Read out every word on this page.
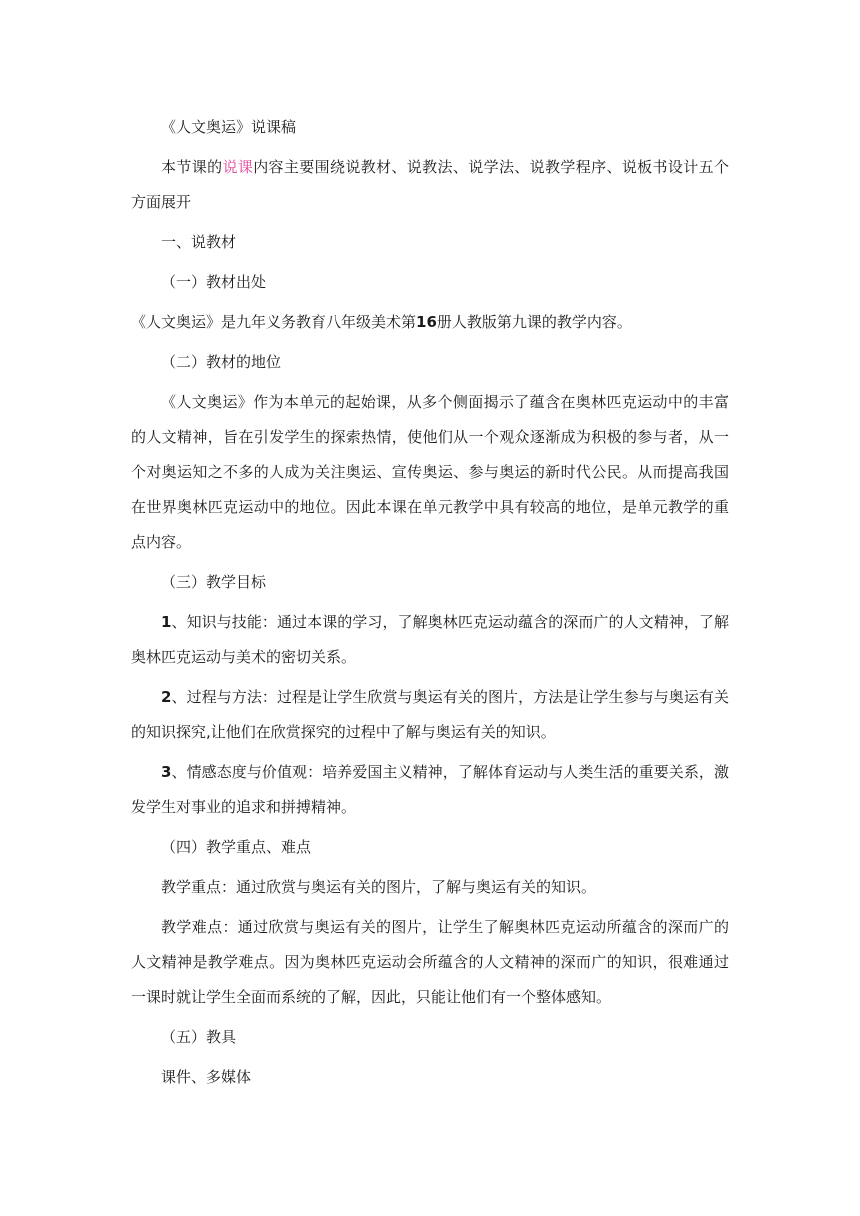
《人文奥运》说课稿

本节课的说课内容主要围绕说教材、说教法、说学法、说教学程序、说板书设计五个方面展开

一、说教材

（一）教材出处

《人文奥运》是九年义务教育八年级美术第16册人教版第九课的教学内容。

（二）教材的地位

《人文奥运》作为本单元的起始课，从多个侧面揭示了蕴含在奥林匹克运动中的丰富的人文精神，旨在引发学生的探索热情，使他们从一个观众逐渐成为积极的参与者，从一个对奥运知之不多的人成为关注奥运、宣传奥运、参与奥运的新时代公民。从而提高我国在世界奥林匹克运动中的地位。因此本课在单元教学中具有较高的地位，是单元教学的重点内容。

（三）教学目标

1、知识与技能：通过本课的学习，了解奥林匹克运动蕴含的深而广的人文精神，了解奥林匹克运动与美术的密切关系。

2、过程与方法：过程是让学生欣赏与奥运有关的图片，方法是让学生参与与奥运有关的知识探究,让他们在欣赏探究的过程中了解与奥运有关的知识。

3、情感态度与价值观：培养爱国主义精神，了解体育运动与人类生活的重要关系，激发学生对事业的追求和拼搏精神。

（四）教学重点、难点

教学重点：通过欣赏与奥运有关的图片，了解与奥运有关的知识。

教学难点：通过欣赏与奥运有关的图片，让学生了解奥林匹克运动所蕴含的深而广的人文精神是教学难点。因为奥林匹克运动会所蕴含的人文精神的深而广的知识，很难通过一课时就让学生全面而系统的了解，因此，只能让他们有一个整体感知。

（五）教具

课件、多媒体
